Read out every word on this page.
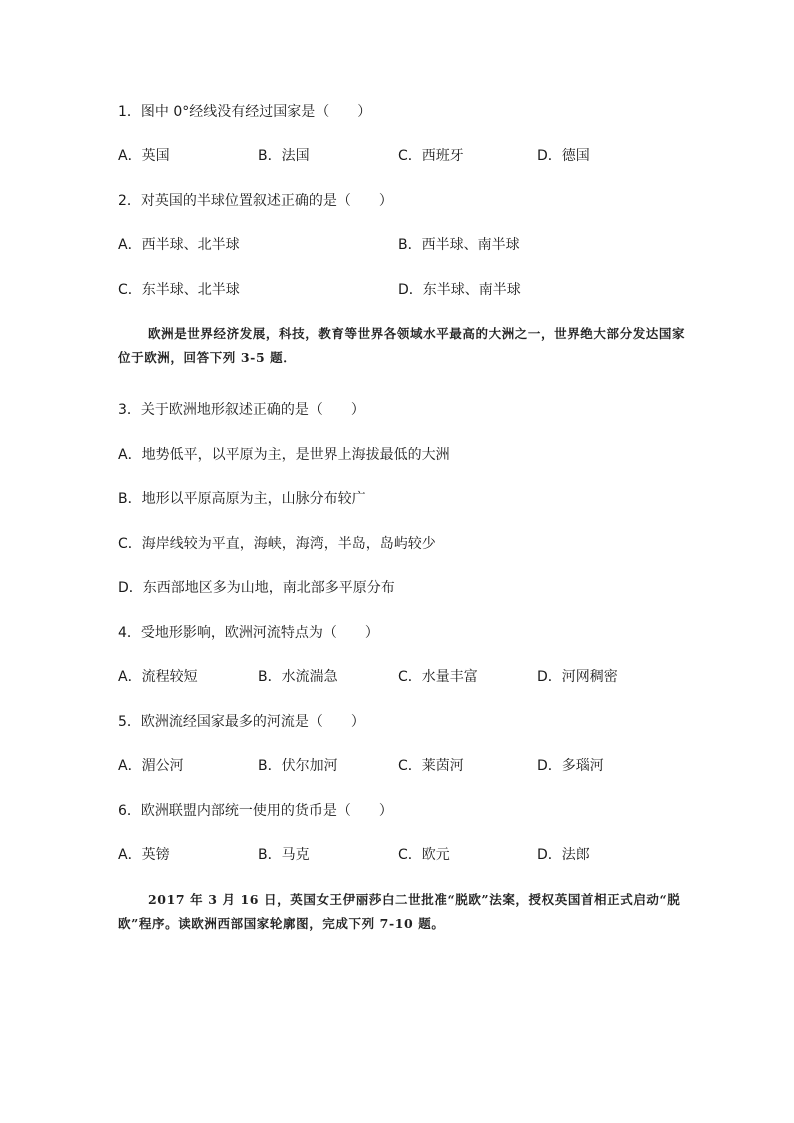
1．图中 0°经线没有经过国家是（　　）
A．英国	B．法国	C．西班牙	D．德国
2．对英国的半球位置叙述正确的是（　　）
A．西半球、北半球	B．西半球、南半球
C．东半球、北半球	D．东半球、南半球
欧洲是世界经济发展，科技，教育等世界各领域水平最高的大洲之一，世界绝大部分发达国家位于欧洲，回答下列 3-5 题．
3．关于欧洲地形叙述正确的是（　　）
A．地势低平，以平原为主，是世界上海拔最低的大洲
B．地形以平原高原为主，山脉分布较广
C．海岸线较为平直，海峡，海湾，半岛，岛屿较少
D．东西部地区多为山地，南北部多平原分布
4．受地形影响，欧洲河流特点为（　　）
A．流程较短	B．水流湍急	C．水量丰富	D．河网稠密
5．欧洲流经国家最多的河流是（　　）
A．湄公河	B．伏尔加河	C．莱茵河	D．多瑙河
6．欧洲联盟内部统一使用的货币是（　　）
A．英镑	B．马克	C．欧元	D．法郎
2017 年 3 月 16 日，英国女王伊丽莎白二世批准“脱欧”法案，授权英国首相正式启动“脱欧”程序。读欧洲西部国家轮廓图，完成下列 7-10 题。
